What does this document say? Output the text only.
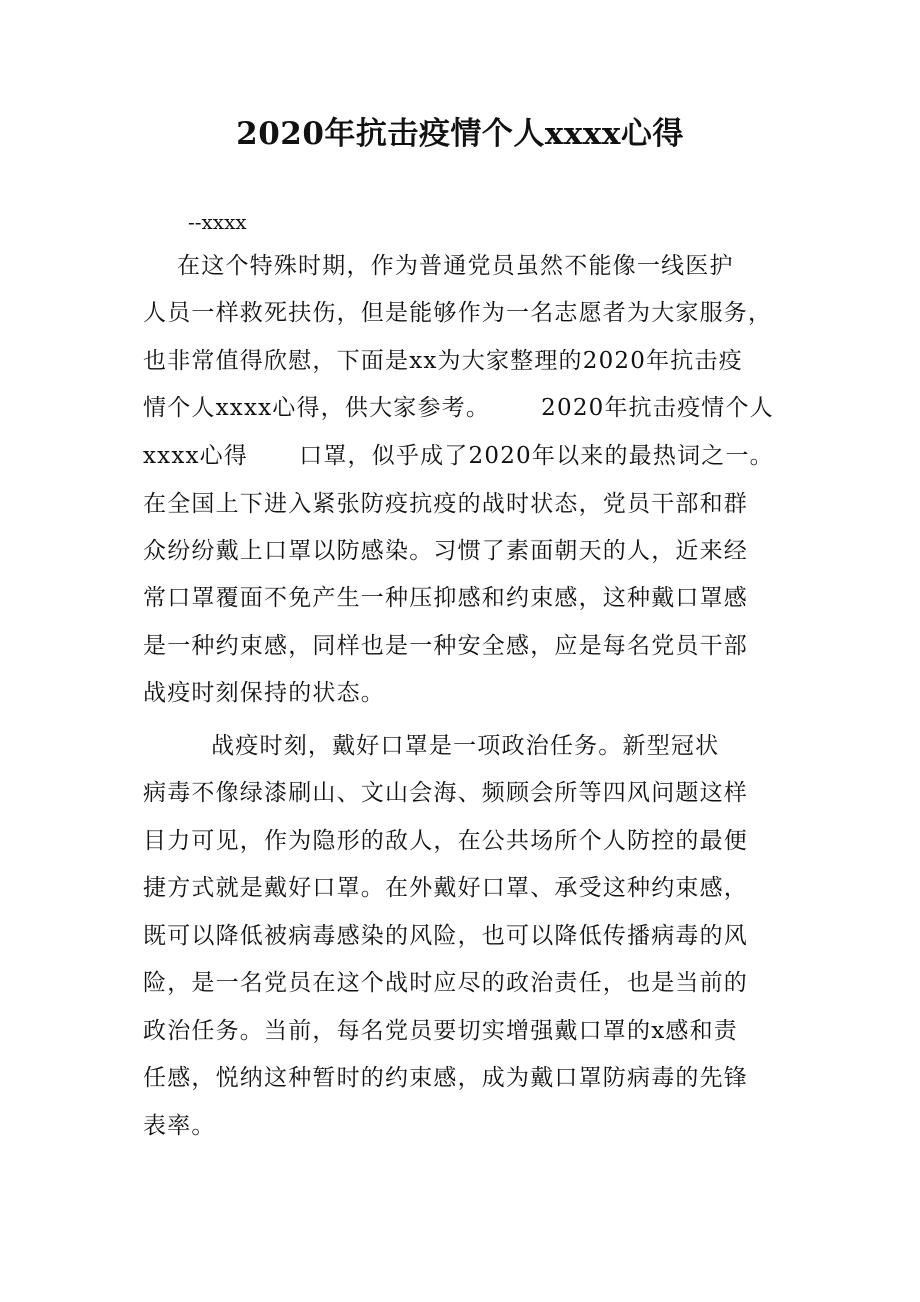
2020年抗击疫情个人xxxx心得
--xxxx
在这个特殊时期，作为普通党员虽然不能像一线医护
人员一样救死扶伤，但是能够作为一名志愿者为大家服务，
也非常值得欣慰，下面是xx为大家整理的2020年抗击疫
情个人xxxx心得，供大家参考。      2020年抗击疫情个人
xxxx心得      口罩，似乎成了2020年以来的最热词之一。
在全国上下进入紧张防疫抗疫的战时状态，党员干部和群
众纷纷戴上口罩以防感染。习惯了素面朝天的人，近来经
常口罩覆面不免产生一种压抑感和约束感，这种戴口罩感
是一种约束感，同样也是一种安全感，应是每名党员干部
战疫时刻保持的状态。
战疫时刻，戴好口罩是一项政治任务。新型冠状
病毒不像绿漆刷山、文山会海、频顾会所等四风问题这样
目力可见，作为隐形的敌人，在公共场所个人防控的最便
捷方式就是戴好口罩。在外戴好口罩、承受这种约束感，
既可以降低被病毒感染的风险，也可以降低传播病毒的风
险，是一名党员在这个战时应尽的政治责任，也是当前的
政治任务。当前，每名党员要切实增强戴口罩的x感和责
任感，悦纳这种暂时的约束感，成为戴口罩防病毒的先锋
表率。
